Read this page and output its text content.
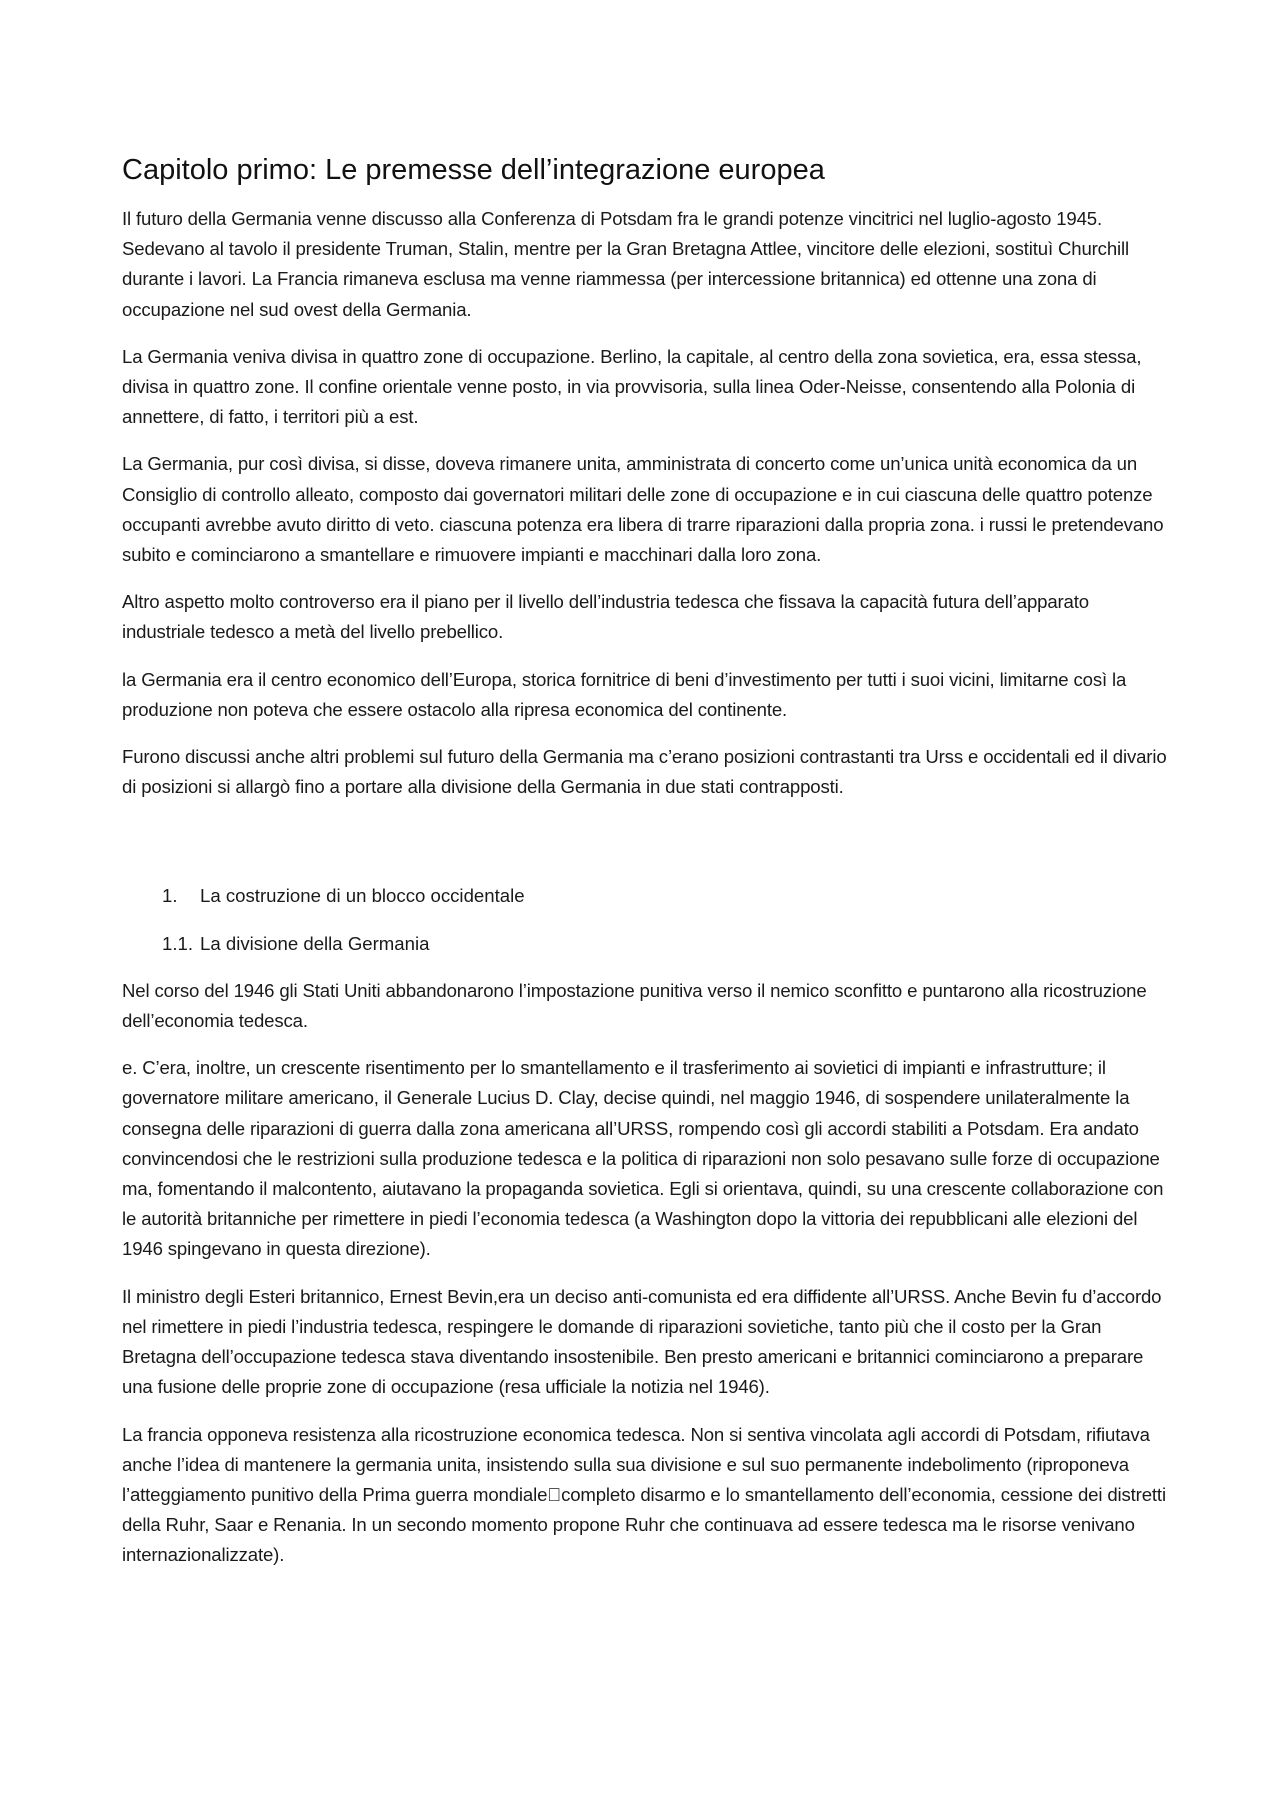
Capitolo primo: Le premesse dell’integrazione europea

Il futuro della Germania venne discusso alla Conferenza di Potsdam fra le grandi potenze vincitrici nel luglio-agosto 1945. Sedevano al tavolo il presidente Truman, Stalin, mentre per la Gran Bretagna Attlee, vincitore delle elezioni, sostituì Churchill durante i lavori. La Francia rimaneva esclusa ma venne riammessa (per intercessione britannica) ed ottenne una zona di occupazione nel sud ovest della Germania.

La Germania veniva divisa in quattro zone di occupazione. Berlino, la capitale, al centro della zona sovietica, era, essa stessa, divisa in quattro zone. Il confine orientale venne posto, in via provvisoria, sulla linea Oder-Neisse, consentendo alla Polonia di annettere, di fatto, i territori più a est.

La Germania, pur così divisa, si disse, doveva rimanere unita, amministrata di concerto come un’unica unità economica da un Consiglio di controllo alleato, composto dai governatori militari delle zone di occupazione e in cui ciascuna delle quattro potenze occupanti avrebbe avuto diritto di veto. ciascuna potenza era libera di trarre riparazioni dalla propria zona. i russi le pretendevano subito e cominciarono a smantellare e rimuovere impianti e macchinari dalla loro zona.

Altro aspetto molto controverso era il piano per il livello dell’industria tedesca che fissava la capacità futura dell’apparato industriale tedesco a metà del livello prebellico.

la Germania era il centro economico dell’Europa, storica fornitrice di beni d’investimento per tutti i suoi vicini, limitarne così la produzione non poteva che essere ostacolo alla ripresa economica del continente.

Furono discussi anche altri problemi sul futuro della Germania ma c’erano posizioni contrastanti tra Urss e occidentali ed il divario di posizioni si allargò fino a portare alla divisione della Germania in due stati contrapposti.

1. La costruzione di un blocco occidentale
1.1. La divisione della Germania

Nel corso del 1946 gli Stati Uniti abbandonarono l’impostazione punitiva verso il nemico sconfitto e puntarono alla ricostruzione dell’economia tedesca.

e. C’era, inoltre, un crescente risentimento per lo smantellamento e il trasferimento ai sovietici di impianti e infrastrutture; il governatore militare americano, il Generale Lucius D. Clay, decise quindi, nel maggio 1946, di sospendere unilateralmente la consegna delle riparazioni di guerra dalla zona americana all’URSS, rompendo così gli accordi stabiliti a Potsdam. Era andato convincendosi che le restrizioni sulla produzione tedesca e la politica di riparazioni non solo pesavano sulle forze di occupazione ma, fomentando il malcontento, aiutavano la propaganda sovietica. Egli si orientava, quindi, su una crescente collaborazione con le autorità britanniche per rimettere in piedi l’economia tedesca (a Washington dopo la vittoria dei repubblicani alle elezioni del 1946 spingevano in questa direzione).

Il ministro degli Esteri britannico, Ernest Bevin,era un deciso anti-comunista ed era diffidente all’URSS. Anche Bevin fu d’accordo nel rimettere in piedi l’industria tedesca, respingere le domande di riparazioni sovietiche, tanto più che il costo per la Gran Bretagna dell’occupazione tedesca stava diventando insostenibile. Ben presto americani e britannici cominciarono a preparare una fusione delle proprie zone di occupazione (resa ufficiale la notizia nel 1946).

La francia opponeva resistenza alla ricostruzione economica tedesca. Non si sentiva vincolata agli accordi di Potsdam, rifiutava anche l’idea di mantenere la germania unita, insistendo sulla sua divisione e sul suo permanente indebolimento (riproponeva l’atteggiamento punitivo della Prima guerra mondiale completo disarmo e lo smantellamento dell’economia, cessione dei distretti della Ruhr, Saar e Renania. In un secondo momento propone Ruhr che continuava ad essere tedesca ma le risorse venivano internazionalizzate).
